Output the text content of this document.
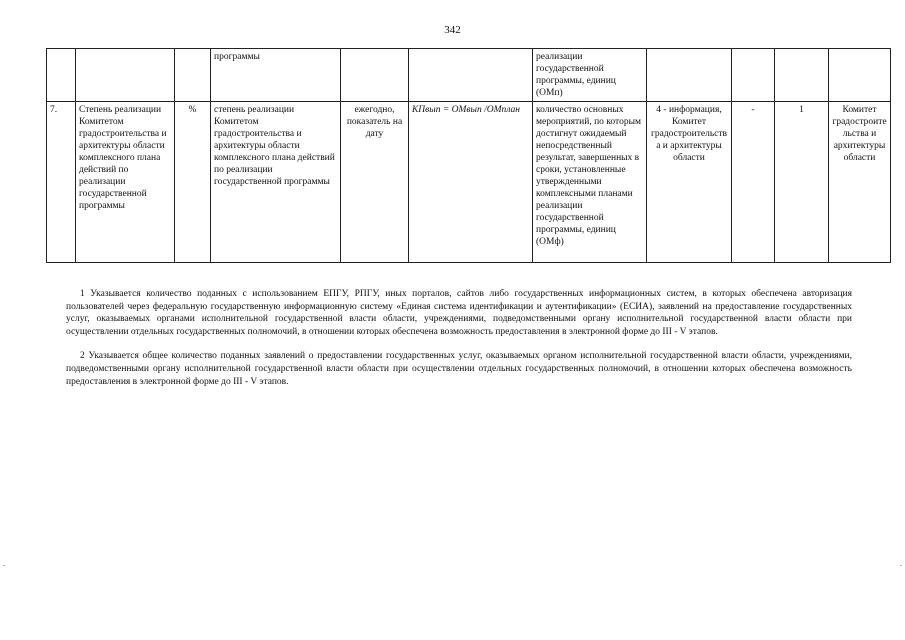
342
			программы			реализации государственной программы, единиц (ОМп)				
7.	Степень реализации Комитетом градостроительства и архитектуры области комплексного плана действий по реализации государственной программы	%	степень реализации Комитетом градостроительства и архитектуры области комплексного плана действий по реализации государственной программы	ежегодно, показатель на дату	КПвып = ОМвып /ОМплан	количество основных мероприятий, по которым достигнут ожидаемый непосредственный результат, завершенных в сроки, установленные утвержденными комплексными планами реализации государственной программы, единиц (ОМф)	4 - информация, Комитет градостроительства и архитектуры области	-	1	Комитет градостроительства и архитектуры области

1 Указывается количество поданных с использованием ЕПГУ, РПГУ, иных порталов, сайтов либо государственных информационных систем, в которых обеспечена авторизация пользователей через федеральную государственную информационную систему «Единая система идентификации и аутентификации» (ЕСИА), заявлений на предоставление государственных услуг, оказываемых органами исполнительной государственной власти области, учреждениями, подведомственными органу исполнительной государственной власти области при осуществлении отдельных государственных полномочий, в отношении которых обеспечена возможность предоставления в электронной форме до III - V этапов.

2 Указывается общее количество поданных заявлений о предоставлении государственных услуг, оказываемых органом исполнительной государственной власти области, учреждениями, подведомственными органу исполнительной государственной власти области при осуществлении отдельных государственных полномочий, в отношении которых обеспечена возможность предоставления в электронной форме до III - V этапов.

.	.
